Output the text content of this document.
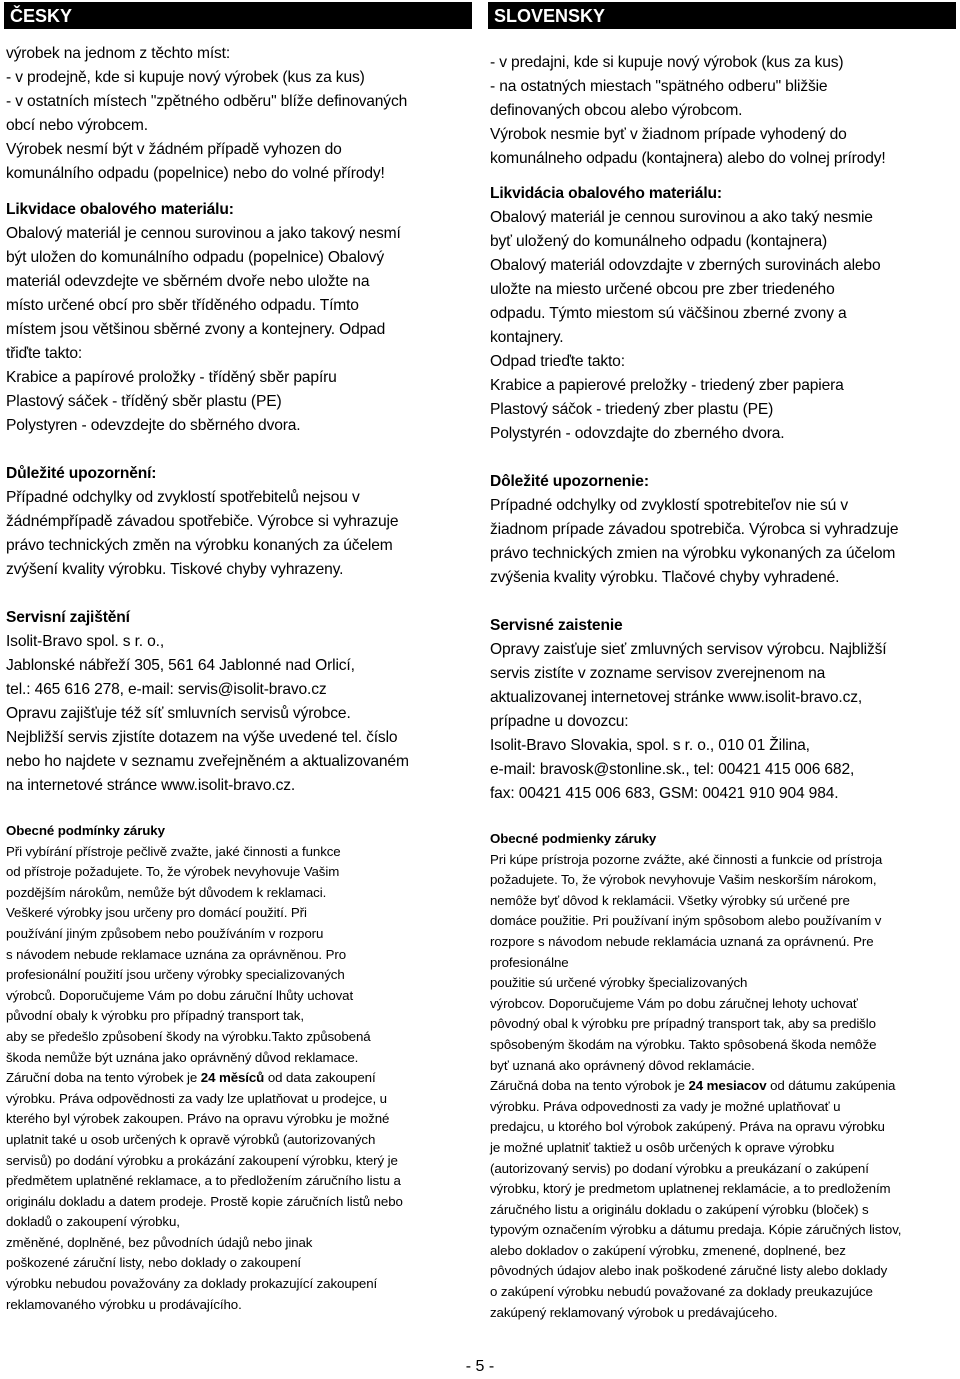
ČESKY
výrobek na jednom z těchto míst:
- v prodejně, kde si kupuje nový výrobek (kus za kus)
- v ostatních místech "zpětného odběru" blíže definovaných
obcí nebo výrobcem.
Výrobek nesmí být v žádném případě vyhozen do
komunálního odpadu (popelnice) nebo do volné přírody!
Likvidace obalového materiálu:
Obalový materiál je cennou surovinou a jako takový nesmí
být uložen do komunálního odpadu (popelnice) Obalový
materiál odevzdejte ve sběrném dvoře nebo uložte na
místo určené obcí pro sběr tříděného odpadu. Tímto
místem jsou většinou sběrné zvony a kontejnery. Odpad
třiďte takto:
Krabice a papírové proložky - tříděný sběr papíru
Plastový sáček - tříděný sběr plastu (PE)
Polystyren - odevzdejte do sběrného dvora.
Důležité upozornění:
Případné odchylky od zvyklostí spotřebitelů nejsou v
žádnémpřípadě závadou spotřebiče. Výrobce si vyhrazuje
právo technických změn na výrobku konaných za účelem
zvýšení kvality výrobku. Tiskové chyby vyhrazeny.
Servisní zajištění
Isolit-Bravo spol. s r. o.,
Jablonské nábřeží 305, 561 64 Jablonné nad Orlicí,
tel.: 465 616 278, e-mail: servis@isolit-bravo.cz
Opravu zajišťuje též síť smluvních servisů výrobce.
Nejbližší servis zjistíte dotazem na výše uvedené tel. číslo
nebo ho najdete v seznamu zveřejněném a aktualizovaném
na internetové stránce www.isolit-bravo.cz.
Obecné podmínky záruky
Při vybírání přístroje pečlivě zvažte, jaké činnosti a funkce
od přístroje požadujete. To, že výrobek nevyhovuje Vašim
pozdějším nárokům, nemůže být důvodem k reklamaci.
Veškeré výrobky jsou určeny pro domácí použití. Při
používání jiným způsobem nebo používáním v rozporu
s návodem nebude reklamace uznána za oprávněnou. Pro
profesionální použití jsou určeny výrobky specializovaných
výrobců. Doporučujeme Vám po dobu záruční lhůty uchovat
původní obaly k výrobku pro případný transport tak,
aby se předešlo způsobení škody na výrobku.Takto způsobená
škoda nemůže být uznána jako oprávněný důvod reklamace.
Záruční doba na tento výrobek je 24 měsíců od data zakoupení
výrobku. Práva odpovědnosti za vady lze uplatňovat u prodejce, u
kterého byl výrobek zakoupen. Právo na opravu výrobku je možné
uplatnit také u osob určených k opravě výrobků (autorizovaných
servisů) po dodání výrobku a prokázání zakoupení výrobku, který je
předmětem uplatněné reklamace, a to předložením záručního listu a
originálu dokladu a datem prodeje. Prostě kopie záručních listů nebo
dokladů o zakoupení výrobku,
změněné, doplněné, bez původních údajů nebo jinak
poškozené záruční listy, nebo doklady o zakoupení
výrobku nebudou považovány za doklady prokazující zakoupení
reklamovaného výrobku u prodávajícího.
SLOVENSKY
- v predajni, kde si kupuje nový výrobok (kus za kus)
- na ostatných miestach "spätného odberu" bližšie
definovaných obcou alebo výrobcom.
Výrobok nesmie byť v žiadnom prípade vyhodený do
komunálneho odpadu (kontajnera) alebo do volnej prírody!
Likvidácia obalového materiálu:
Obalový materiál je cennou surovinou a ako taký nesmie
byť uložený do komunálneho odpadu (kontajnera)
Obalový materiál odovzdajte v zberných surovinách alebo
uložte na miesto určené obcou pre zber triedeného
odpadu. Týmto miestom sú väčšinou zberné zvony a
kontajnery.
Odpad trieďte takto:
Krabice a papierové preložky - triedený zber papiera
Plastový sáčok - triedený zber plastu (PE)
Polystyrén - odovzdajte do zberného dvora.
Dôležité upozornenie:
Prípadné odchylky od zvyklostí spotrebiteľov nie sú v
žiadnom prípade závadou spotrebiča. Výrobca si vyhradzuje
právo technických zmien na výrobku vykonaných za účelom
zvýšenia kvality výrobku. Tlačové chyby vyhradené.
Servisné zaistenie
Opravy zaisťuje sieť zmluvných servisov výrobcu. Najbližší
servis zistíte v zozname servisov zverejnenom na
aktualizovanej internetovej stránke www.isolit-bravo.cz,
prípadne u dovozcu:
Isolit-Bravo Slovakia, spol. s r. o., 010 01 Žilina,
e-mail: bravosk@stonline.sk., tel: 00421 415 006 682,
fax: 00421 415 006 683, GSM: 00421 910 904 984.
Obecné podmienky záruky
Pri kúpe prístroja pozorne zvážte, aké činnosti a funkcie od prístroja
požadujete. To, že výrobok nevyhovuje Vašim neskorším nárokom,
nemôže byť dôvod k reklamácii. Všetky výrobky sú určené pre
domáce použitie. Pri používaní iným spôsobom alebo používaním v
rozpore s návodom nebude reklamácia uznaná za oprávnenú. Pre
profesionálne
použitie sú určené výrobky špecializovaných
výrobcov. Doporučujeme Vám po dobu záručnej lehoty uchovať
pôvodný obal k výrobku pre prípadný transport tak, aby sa predišlo
spôsobeným škodám na výrobku. Takto spôsobená škoda nemôže
byť uznaná ako oprávnený dôvod reklamácie.
Záručná doba na tento výrobok je 24 mesiacov od dátumu zakúpenia
výrobku. Práva odpovednosti za vady je možné uplatňovať u
predajcu, u ktorého bol výrobok zakúpený. Práva na opravu výrobku
je možné uplatniť taktiež u osôb určených k oprave výrobku
(autorizovaný servis) po dodaní výrobku a preukázaní o zakúpení
výrobku, ktorý je predmetom uplatnenej reklamácie, a to predložením
záručného listu a originálu dokladu o zakúpení výrobku (bloček) s
typovým označením výrobku a dátumu predaja. Kópie záručných listov,
alebo dokladov o zakúpení výrobku, zmenené, doplnené, bez
pôvodných údajov alebo inak poškodené záručné listy alebo doklady
o zakúpení výrobku nebudú považované za doklady preukazujúce
zakúpený reklamovaný výrobok u predávajúceho.
- 5 -
